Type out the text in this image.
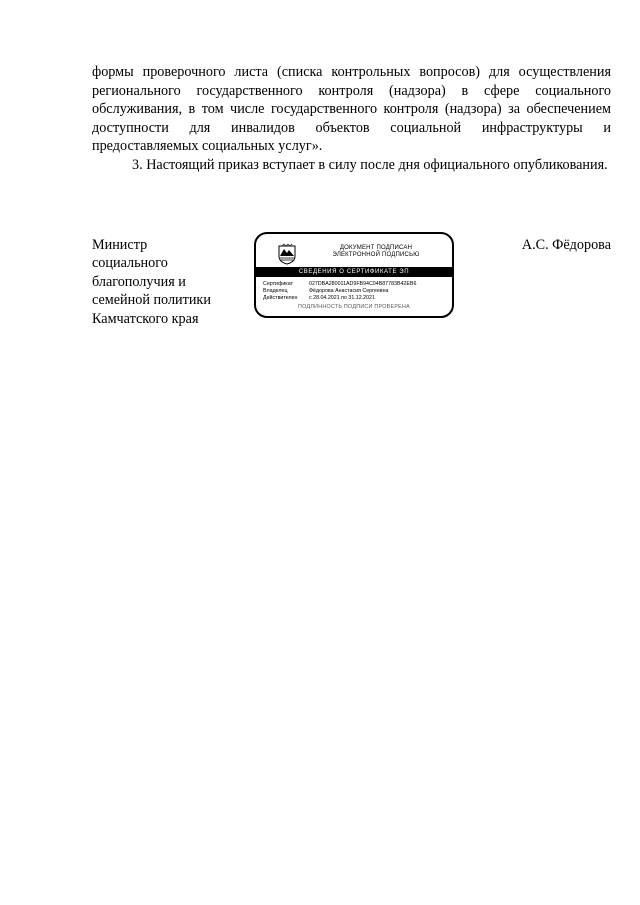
формы проверочного листа (списка контрольных вопросов) для осуществления регионального государственного контроля (надзора) в сфере социального обслуживания, в том числе государственного контроля (надзора) за обеспечением доступности для инвалидов объектов социальной инфраструктуры и предоставляемых социальных услуг».

3. Настоящий приказ вступает в силу после дня официального опубликования.

Министр
социального
благополучия и
семейной политики
Камчатского края
А.С. Фёдорова
ДОКУМЕНТ ПОДПИСАН
ЭЛЕКТРОННОЙ ПОДПИСЬЮ
СВЕДЕНИЯ О СЕРТИФИКАТЕ ЭП
Сертификат	027DBA280011AD9FB94C04B87783B42EB6
Владелец	Фёдорова Анастасия Сергеевна
Действителен	с 28.04.2021 по 31.12.2021
ПОДЛИННОСТЬ ПОДПИСИ ПРОВЕРЕНА
